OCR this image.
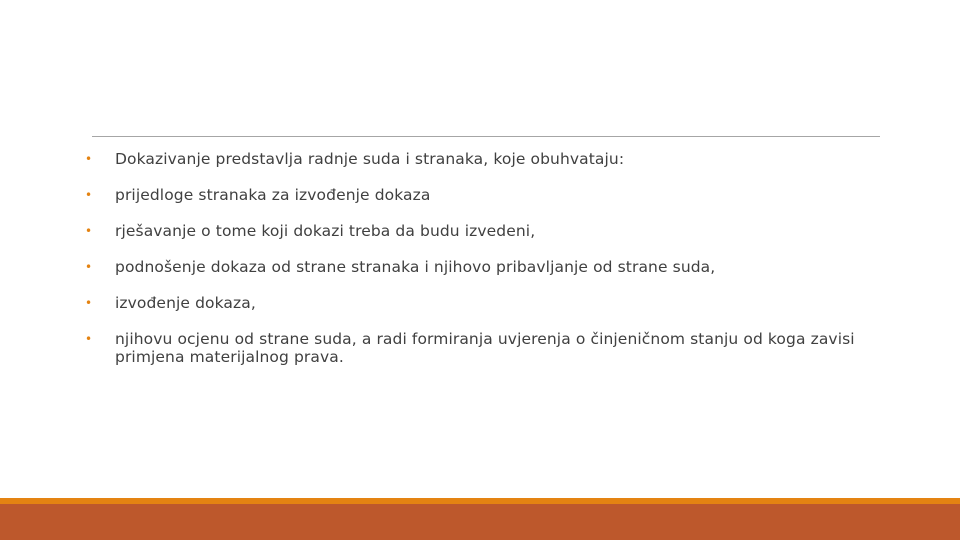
• Dokazivanje predstavlja radnje suda i stranaka, koje obuhvataju:
• prijedloge stranaka za izvođenje dokaza
• rješavanje o tome koji dokazi treba da budu izvedeni,
• podnošenje dokaza od strane stranaka i njihovo pribavljanje od strane suda,
• izvođenje dokaza,
• njihovu ocjenu od strane suda, a radi formiranja uvjerenja o činjeničnom stanju od koga zavisi primjena materijalnog prava.
